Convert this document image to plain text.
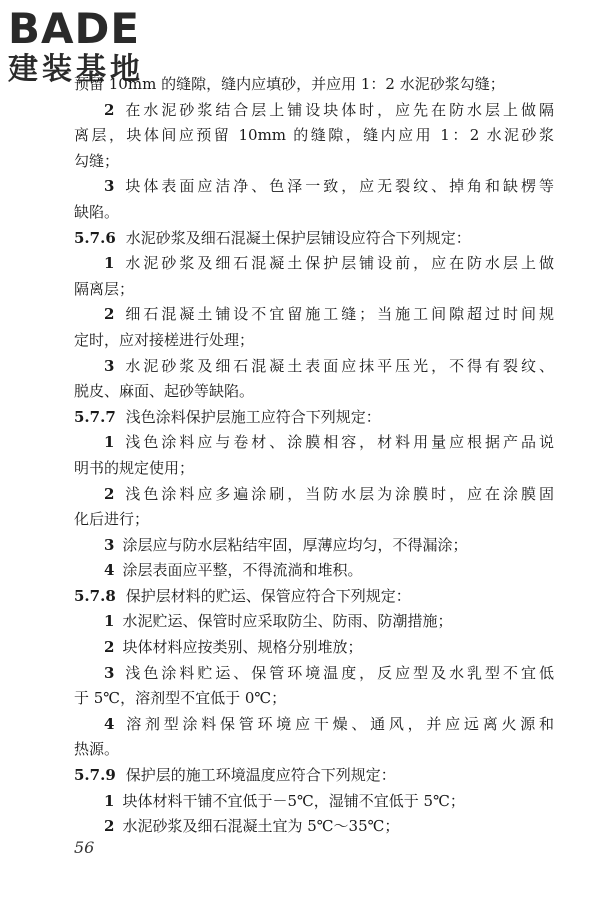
BADE
建装基地
预留 10mm 的缝隙，缝内应填砂，并应用 1：2 水泥砂浆勾缝；
2 在水泥砂浆结合层上铺设块体时，应先在防水层上做隔
离层，块体间应预留 10mm 的缝隙，缝内应用 1：2 水泥砂浆
勾缝；
3 块体表面应洁净、色泽一致，应无裂纹、掉角和缺楞等
缺陷。
5.7.6 水泥砂浆及细石混凝土保护层铺设应符合下列规定：
1 水泥砂浆及细石混凝土保护层铺设前，应在防水层上做
隔离层；
2 细石混凝土铺设不宜留施工缝；当施工间隙超过时间规
定时，应对接槎进行处理；
3 水泥砂浆及细石混凝土表面应抹平压光，不得有裂纹、
脱皮、麻面、起砂等缺陷。
5.7.7 浅色涂料保护层施工应符合下列规定：
1 浅色涂料应与卷材、涂膜相容，材料用量应根据产品说
明书的规定使用；
2 浅色涂料应多遍涂刷，当防水层为涂膜时，应在涂膜固
化后进行；
3 涂层应与防水层粘结牢固，厚薄应均匀，不得漏涂；
4 涂层表面应平整，不得流淌和堆积。
5.7.8 保护层材料的贮运、保管应符合下列规定：
1 水泥贮运、保管时应采取防尘、防雨、防潮措施；
2 块体材料应按类别、规格分别堆放；
3 浅色涂料贮运、保管环境温度，反应型及水乳型不宜低
于 5℃，溶剂型不宜低于 0℃；
4 溶剂型涂料保管环境应干燥、通风，并应远离火源和
热源。
5.7.9 保护层的施工环境温度应符合下列规定：
1 块体材料干铺不宜低于－5℃，湿铺不宜低于 5℃；
2 水泥砂浆及细石混凝土宜为 5℃～35℃；
56
